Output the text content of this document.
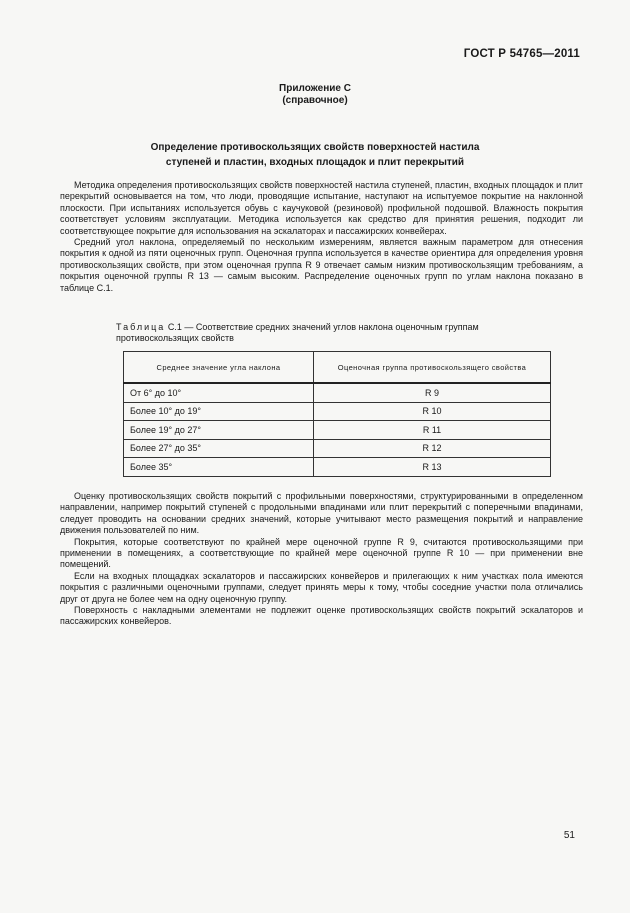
ГОСТ Р 54765—2011
Приложение С
(справочное)
Определение противоскользящих свойств поверхностей настила
ступеней и пластин, входных площадок и плит перекрытий

Методика определения противоскользящих свойств поверхностей настила ступеней, пластин, входных площадок и плит перекрытий основывается на том, что люди, проводящие испытание, наступают на испытуемое покрытие на наклонной плоскости. При испытаниях используется обувь с каучуковой (резиновой) профильной подошвой. Влажность покрытия соответствует условиям эксплуатации. Методика используется как средство для принятия решения, подходит ли соответствующее покрытие для использования на эскалаторах и пассажирских конвейерах.

Средний угол наклона, определяемый по нескольким измерениям, является важным параметром для отнесения покрытия к одной из пяти оценочных групп. Оценочная группа используется в качестве ориентира для определения уровня противоскользящих свойств, при этом оценочная группа R 9 отвечает самым низким противоскользящим требованиям, а покрытия оценочной группы R 13 — самым высоким. Распределение оценочных групп по углам наклона показано в таблице С.1.

Таблица С.1 — Соответствие средних значений углов наклона оценочным группам противоскользящих свойств
Среднее значение угла наклона	Оценочная группа противоскользящего свойства
От 6° до 10°	R 9
Более 10° до 19°	R 10
Более 19° до 27°	R 11
Более 27° до 35°	R 12
Более 35°	R 13

Оценку противоскользящих свойств покрытий с профильными поверхностями, структурированными в определенном направлении, например покрытий ступеней с продольными впадинами или плит перекрытий с поперечными впадинами, следует проводить на основании средних значений, которые учитывают место размещения покрытий и направление движения пользователей по ним.

Покрытия, которые соответствуют по крайней мере оценочной группе R 9, считаются противоскользящими при применении в помещениях, а соответствующие по крайней мере оценочной группе R 10 — при применении вне помещений.

Если на входных площадках эскалаторов и пассажирских конвейеров и прилегающих к ним участках пола имеются покрытия с различными оценочными группами, следует принять меры к тому, чтобы соседние участки пола отличались друг от друга не более чем на одну оценочную группу.

Поверхность с накладными элементами не подлежит оценке противоскользящих свойств покрытий эскалаторов и пассажирских конвейеров.

51
